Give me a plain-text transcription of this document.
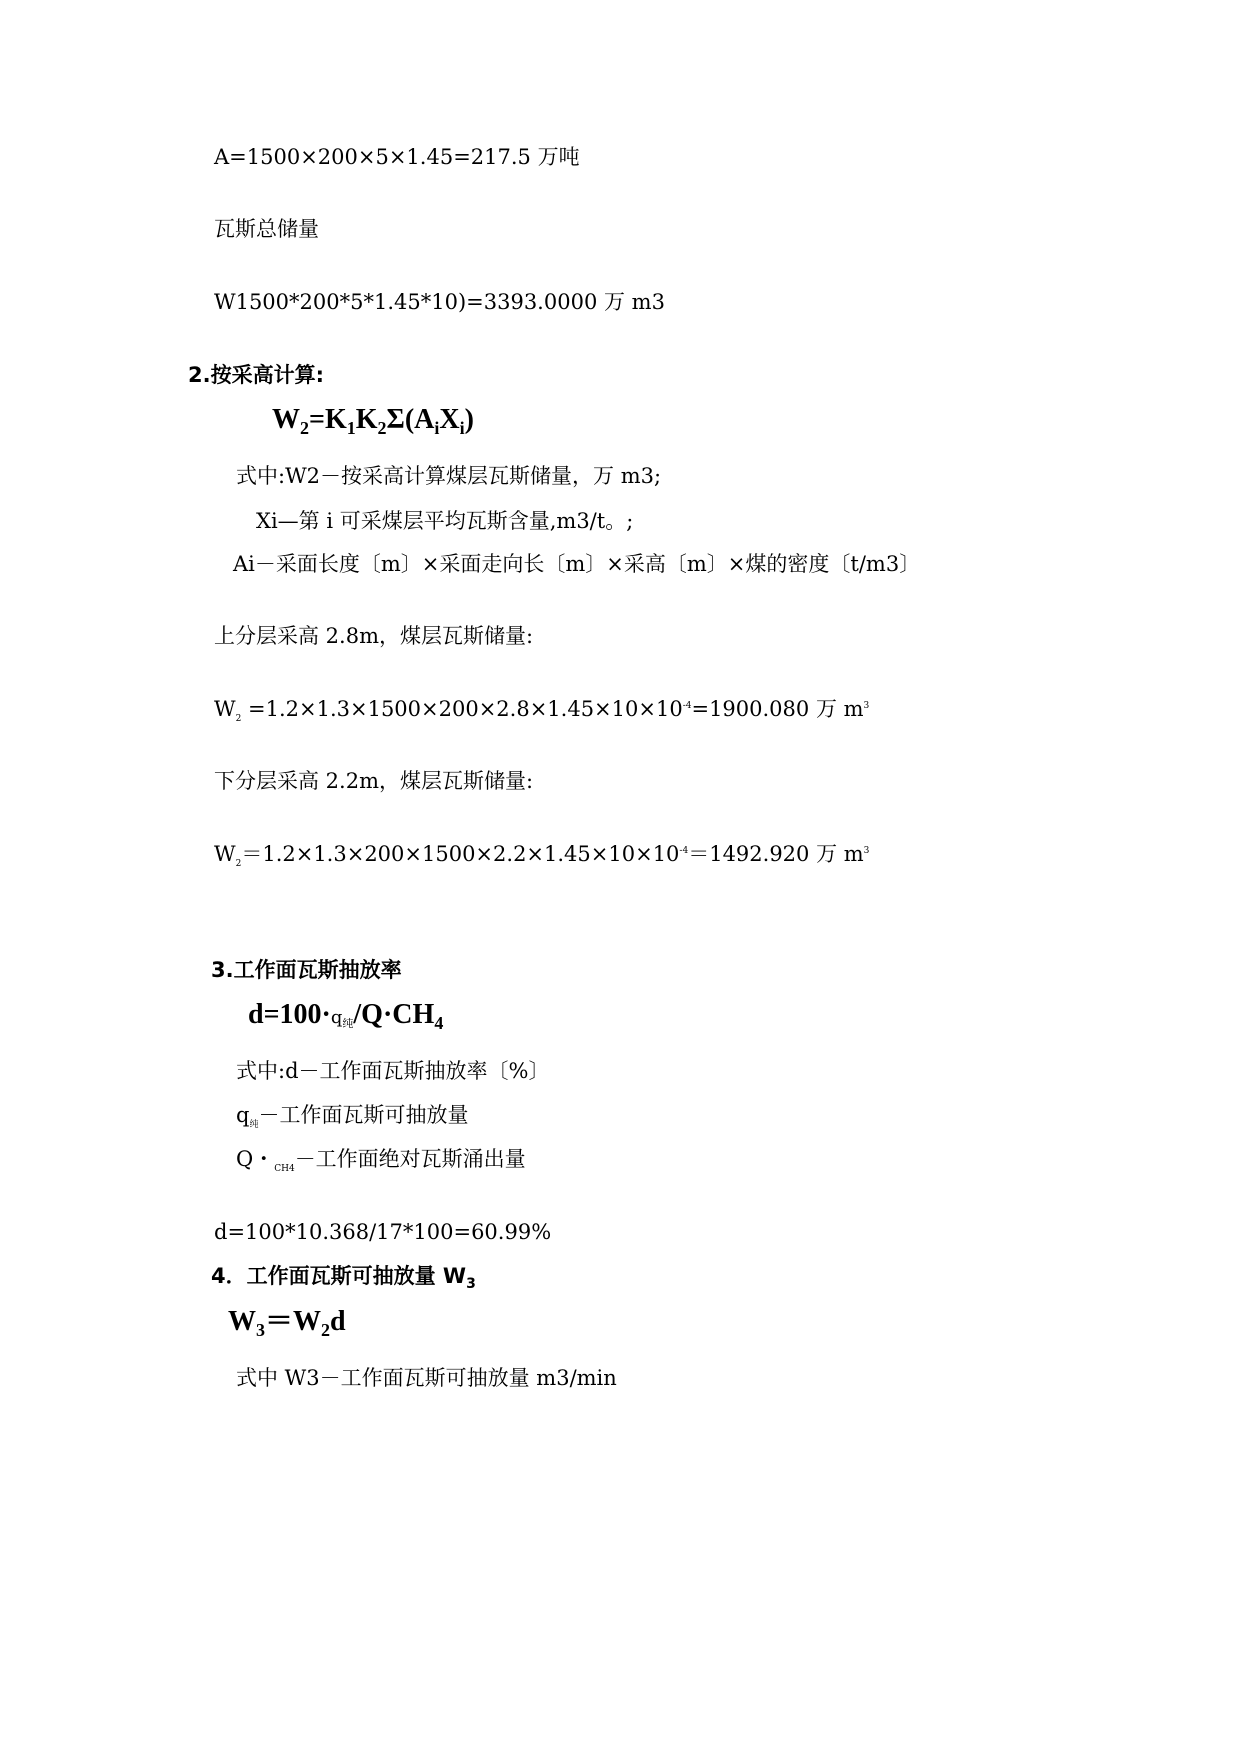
A=1500×200×5×1.45=217.5 万吨
瓦斯总储量
W1500*200*5*1.45*10)=3393.0000 万 m3
2.按采高计算:
$W_2=K_1K_2\Sigma(A_iX_i)$
式中:W2－按采高计算煤层瓦斯储量，万 m3;
Xi—第 i 可采煤层平均瓦斯含量,m3/t。;
Ai－采面长度〔m〕×采面走向长〔m〕×采高〔m〕×煤的密度〔t/m3〕
上分层采高 2.8m，煤层瓦斯储量:
$W_2 =1.2\times 1.3\times 1500\times 200\times 2.8\times 1.45\times 10\times 10^{-4}=1900.080$ 万 $m^3$
下分层采高 2.2m，煤层瓦斯储量:
$W_2=1.2\times 1.3\times 200\times 1500\times 2.2\times 1.45\times 10\times 10^{-4}=1492.920$ 万 $m^3$
3.工作面瓦斯抽放率
d=100·q纯$/Q\cdot CH_4$
式中:d－工作面瓦斯抽放率〔%〕
$q_纯-$工作面瓦斯可抽放量
Q・$_{CH4}$－工作面绝对瓦斯涌出量
d=100*10.368/17*100=60.99%
4．工作面瓦斯可抽放量 $W_3$
$W_3=W_2d$
式中 W3－工作面瓦斯可抽放量 m3/min
